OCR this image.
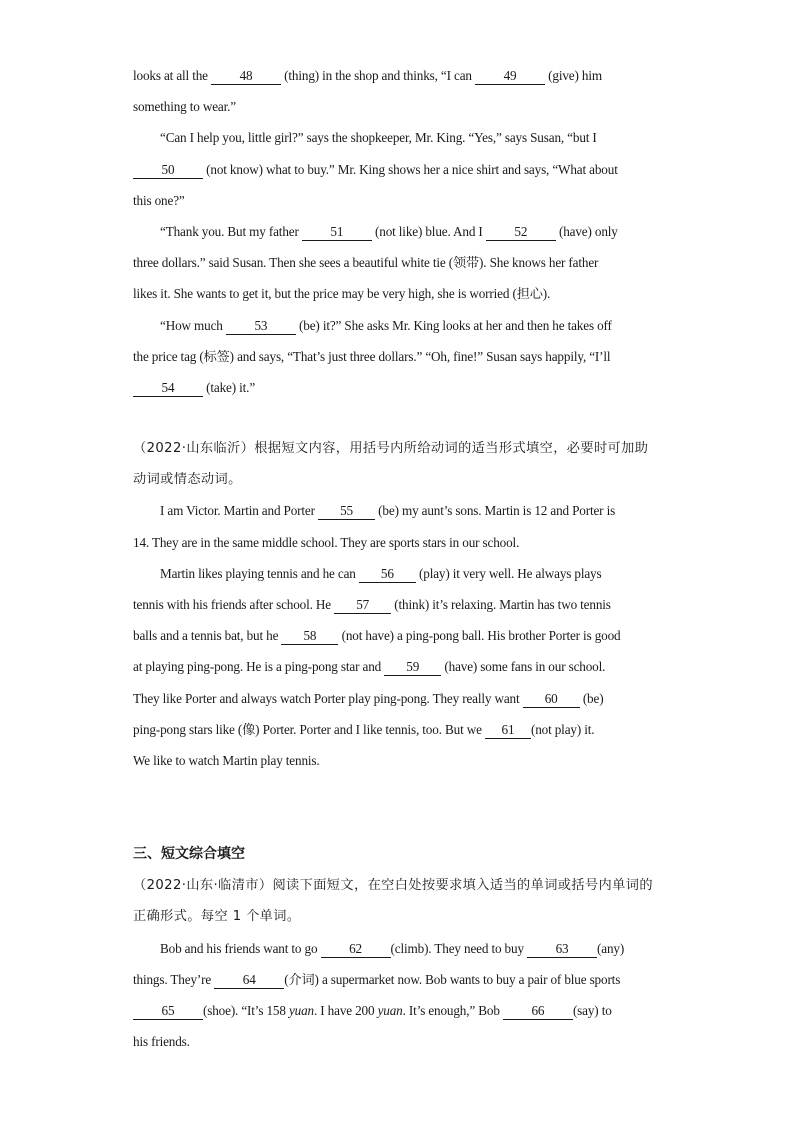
looks at all the 48 (thing) in the shop and thinks, “I can 49 (give) him
something to wear.”
“Can I help you, little girl?” says the shopkeeper, Mr. King. “Yes,” says Susan, “but I
50 (not know) what to buy.” Mr. King shows her a nice shirt and says, “What about
this one?”
“Thank you. But my father 51 (not like) blue. And I 52 (have) only
three dollars.” said Susan. Then she sees a beautiful white tie (领带). She knows her father
likes it. She wants to get it, but the price may be very high, she is worried (担心).
“How much 53 (be) it?” She asks Mr. King looks at her and then he takes off
the price tag (标签) and says, “That’s just three dollars.” “Oh, fine!” Susan says happily, “I’ll
54 (take) it.”
（2022·山东临沂）根据短文内容，用括号内所给动词的适当形式填空，必要时可加助
动词或情态动词。
I am Victor. Martin and Porter 55 (be) my aunt’s sons. Martin is 12 and Porter is
14. They are in the same middle school. They are sports stars in our school.
Martin likes playing tennis and he can 56 (play) it very well. He always plays
tennis with his friends after school. He 57 (think) it’s relaxing. Martin has two tennis
balls and a tennis bat, but he 58 (not have) a ping-pong ball. His brother Porter is good
at playing ping-pong. He is a ping-pong star and 59 (have) some fans in our school.
They like Porter and always watch Porter play ping-pong. They really want 60 (be)
ping-pong stars like (像) Porter. Porter and I like tennis, too. But we 61 (not play) it.
We like to watch Martin play tennis.
三、短文综合填空
（2022·山东·临清市）阅读下面短文，在空白处按要求填入适当的单词或括号内单词的
正确形式。每空 1 个单词。
Bob and his friends want to go 62 (climb). They need to buy 63 (any)
things. They’re 64 (介词) a supermarket now. Bob wants to buy a pair of blue sports
65 (shoe). “It’s 158 yuan. I have 200 yuan. It’s enough,” Bob 66 (say) to
his friends.
